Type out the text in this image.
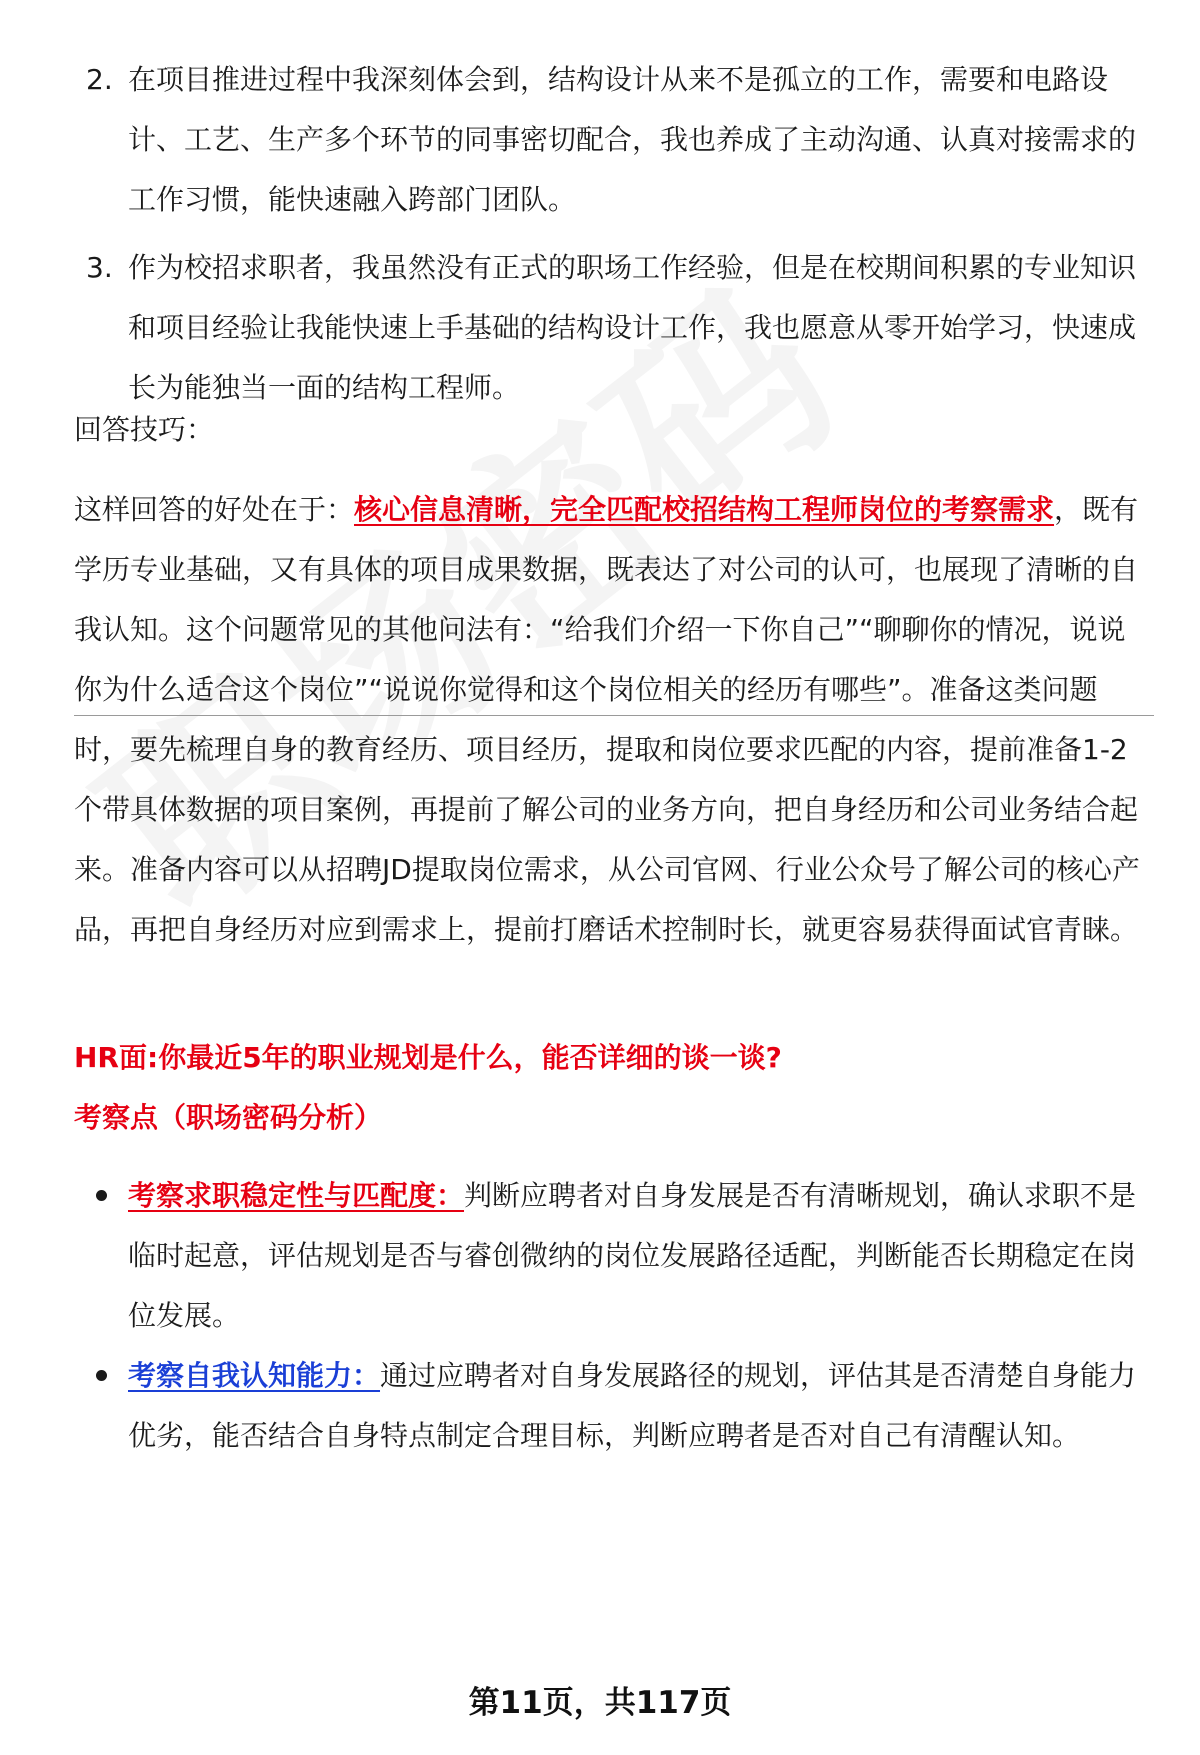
2. 在项目推进过程中我深刻体会到，结构设计从来不是孤立的工作，需要和电路设计、工艺、生产多个环节的同事密切配合，我也养成了主动沟通、认真对接需求的工作习惯，能快速融入跨部门团队。
3. 作为校招求职者，我虽然没有正式的职场工作经验，但是在校期间积累的专业知识和项目经验让我能快速上手基础的结构设计工作，我也愿意从零开始学习，快速成长为能独当一面的结构工程师。
回答技巧：
这样回答的好处在于：核心信息清晰，完全匹配校招结构工程师岗位的考察需求，既有学历专业基础，又有具体的项目成果数据，既表达了对公司的认可，也展现了清晰的自我认知。这个问题常见的其他问法有：“给我们介绍一下你自己”“聊聊你的情况，说说你为什么适合这个岗位”“说说你觉得和这个岗位相关的经历有哪些”。准备这类问题时，要先梳理自身的教育经历、项目经历，提取和岗位要求匹配的内容，提前准备1-2个带具体数据的项目案例，再提前了解公司的业务方向，把自身经历和公司业务结合起来。准备内容可以从招聘JD提取岗位需求，从公司官网、行业公众号了解公司的核心产品，再把自身经历对应到需求上，提前打磨话术控制时长，就更容易获得面试官青睐。
HR面:你最近5年的职业规划是什么，能否详细的谈一谈?
考察点（职场密码分析）
考察求职稳定性与匹配度：判断应聘者对自身发展是否有清晰规划，确认求职不是临时起意，评估规划是否与睿创微纳的岗位发展路径适配，判断能否长期稳定在岗位发展。
考察自我认知能力：通过应聘者对自身发展路径的规划，评估其是否清楚自身能力优劣，能否结合自身特点制定合理目标，判断应聘者是否对自己有清醒认知。
第11页，共117页
